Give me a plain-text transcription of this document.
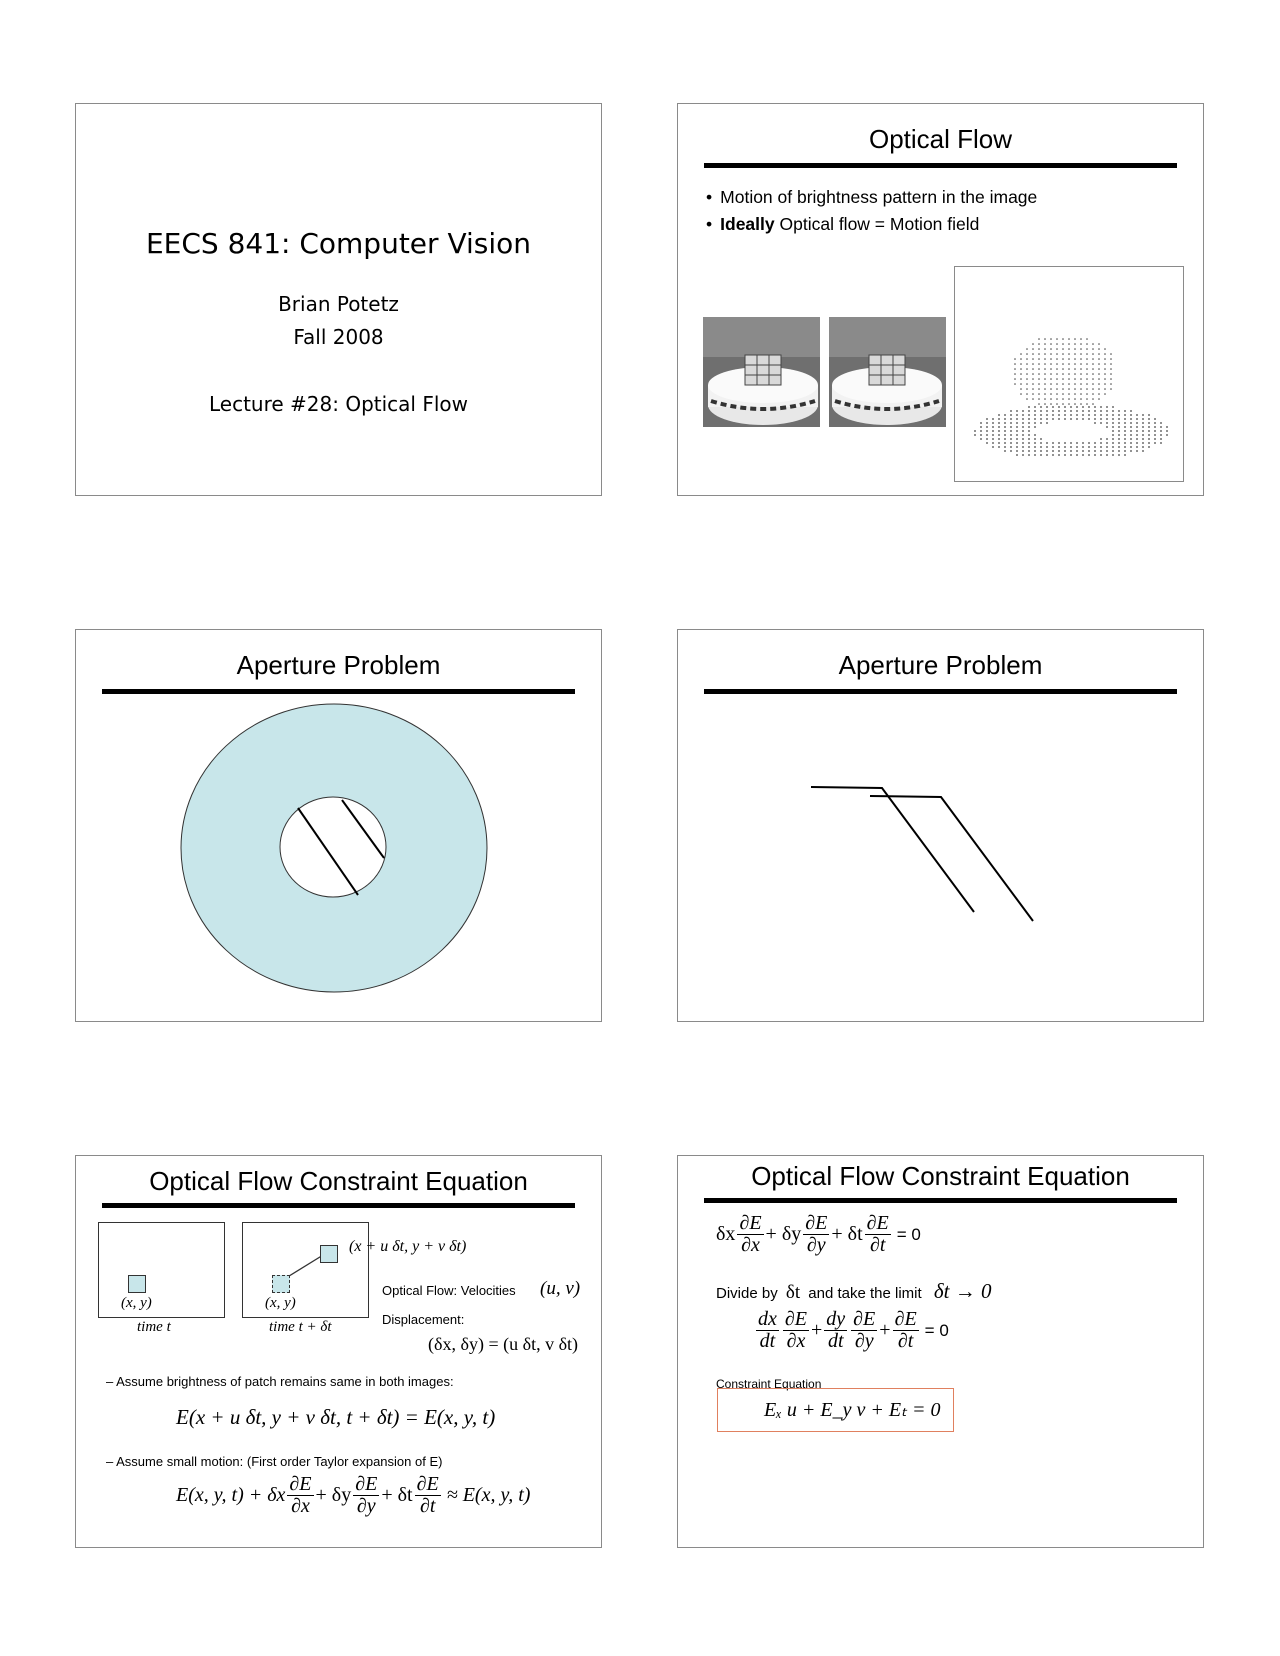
EECS 841: Computer Vision
Brian Potetz
Fall 2008
Lecture #28: Optical Flow
Optical Flow
• Motion of brightness pattern in the image
• Ideally Optical flow = Motion field
Aperture Problem	Aperture Problem
Optical Flow Constraint Equation
(x, y)
time t
(x, y)
time t + δt
(x + u δt, y + v δt)
Optical Flow: Velocities (u, v)
Displacement:
(δx, δy) = (u δt, v δt)
– Assume brightness of patch remains same in both images:
E(x + u δt, y + v δt, t + δt) = E(x, y, t)
– Assume small motion: (First order Taylor expansion of E)
E(x, y, t) + δx $\frac{\partial E}{\partial x} + \delta y \frac{\partial E}{\partial y} + \delta t \frac{\partial E}{\partial t} \approx E(x$, y, t)
Optical Flow Constraint Equation
δx $\frac{\partial E}{\partial x} + \delta y \frac{\partial E}{\partial y} + \delta t \frac{\partial E}{\partial t} = 0$
Divide by δt and take the limit δt → 0
$\frac{dx}{dt} \frac{\partial E}{\partial x} + \frac{dy}{dt} \frac{\partial E}{\partial y} + \frac{\partial E}{\partial t} = 0$
Constraint Equation
Eₓ u + E_y v + Eₜ = 0
